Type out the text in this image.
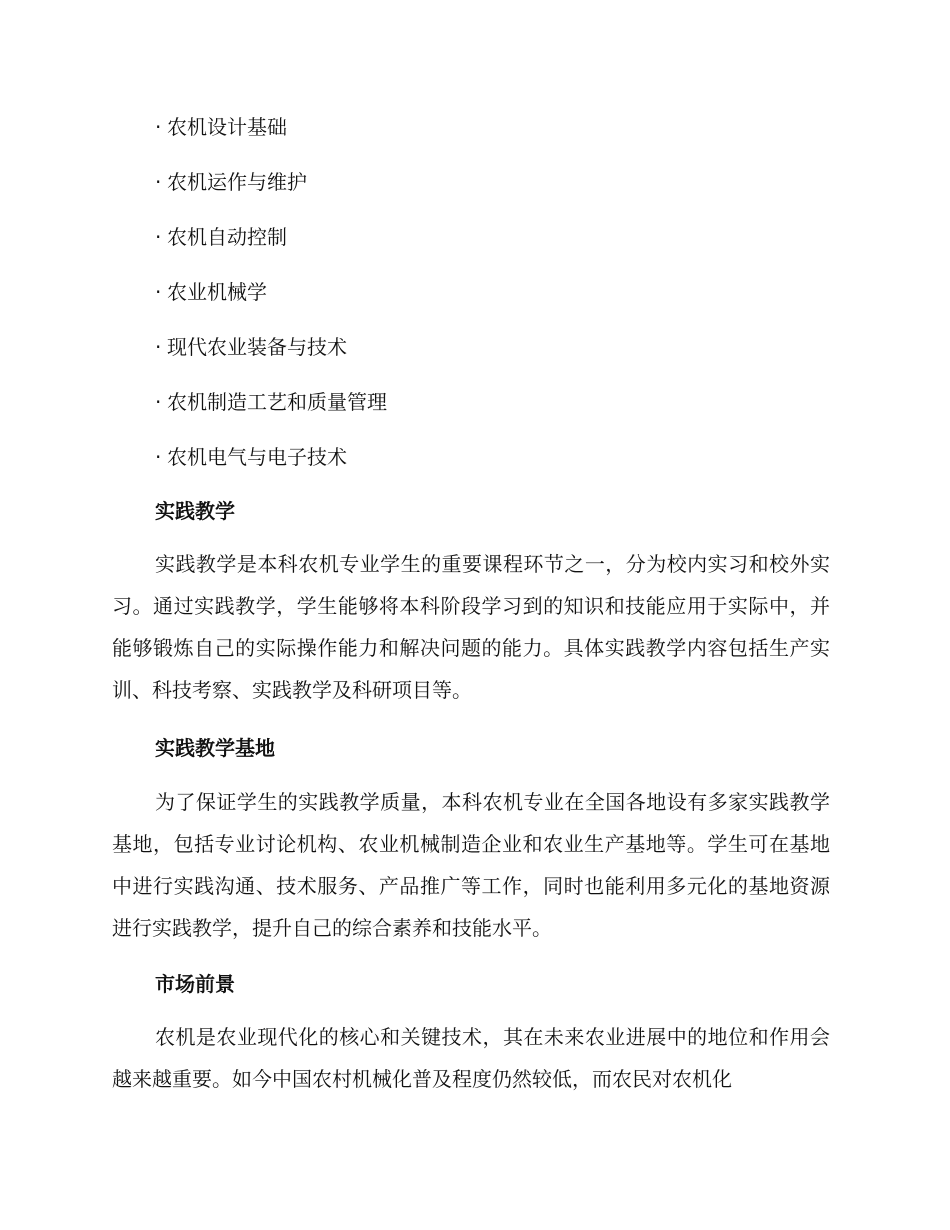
· 农机设计基础
· 农机运作与维护
· 农机自动控制
· 农业机械学
· 现代农业装备与技术
· 农机制造工艺和质量管理
· 农机电气与电子技术
实践教学

实践教学是本科农机专业学生的重要课程环节之一，分为校内实习和校外实习。通过实践教学，学生能够将本科阶段学习到的知识和技能应用于实际中，并能够锻炼自己的实际操作能力和解决问题的能力。具体实践教学内容包括生产实训、科技考察、实践教学及科研项目等。

实践教学基地

为了保证学生的实践教学质量，本科农机专业在全国各地设有多家实践教学基地，包括专业讨论机构、农业机械制造企业和农业生产基地等。学生可在基地中进行实践沟通、技术服务、产品推广等工作，同时也能利用多元化的基地资源进行实践教学，提升自己的综合素养和技能水平。

市场前景

农机是农业现代化的核心和关键技术，其在未来农业进展中的地位和作用会越来越重要。如今中国农村机械化普及程度仍然较低，而农民对农机化
